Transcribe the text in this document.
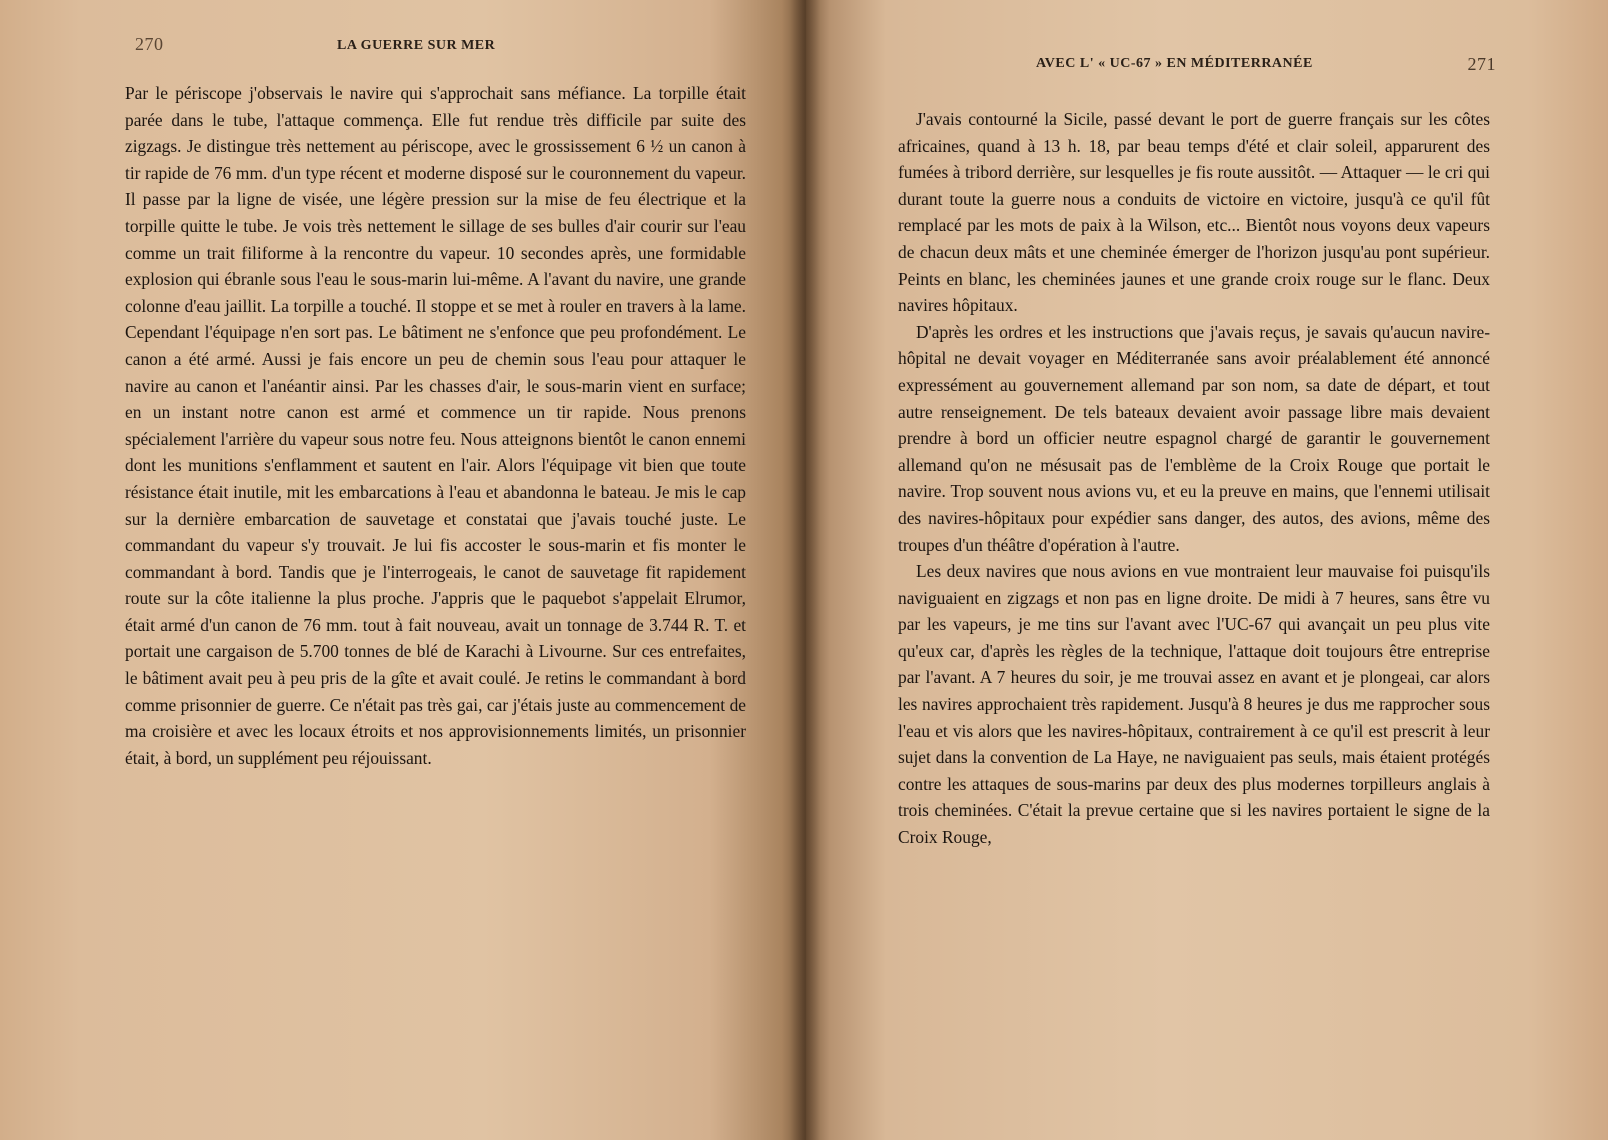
270	LA GUERRE SUR MER

Par le périscope j'observais le navire qui s'approchait sans méfiance. La torpille était parée dans le tube, l'attaque commença. Elle fut rendue très difficile par suite des zigzags. Je distingue très nettement au périscope, avec le grossissement 6 ½ un canon à tir rapide de 76 mm. d'un type récent et moderne disposé sur le couronnement du vapeur. Il passe par la ligne de visée, une légère pression sur la mise de feu électrique et la torpille quitte le tube. Je vois très nettement le sillage de ses bulles d'air courir sur l'eau comme un trait filiforme à la rencontre du vapeur. 10 secondes après, une formidable explosion qui ébranle sous l'eau le sous-marin lui-même. A l'avant du navire, une grande colonne d'eau jaillit. La torpille a touché. Il stoppe et se met à rouler en travers à la lame. Cependant l'équipage n'en sort pas. Le bâtiment ne s'enfonce que peu profondément. Le canon a été armé. Aussi je fais encore un peu de chemin sous l'eau pour attaquer le navire au canon et l'anéantir ainsi. Par les chasses d'air, le sous-marin vient en surface; en un instant notre canon est armé et commence un tir rapide. Nous prenons spécialement l'arrière du vapeur sous notre feu. Nous atteignons bientôt le canon ennemi dont les munitions s'enflamment et sautent en l'air. Alors l'équipage vit bien que toute résistance était inutile, mit les embarcations à l'eau et abandonna le bateau. Je mis le cap sur la dernière embarcation de sauvetage et constatai que j'avais touché juste. Le commandant du vapeur s'y trouvait. Je lui fis accoster le sous-marin et fis monter le commandant à bord. Tandis que je l'interrogeais, le canot de sauvetage fit rapidement route sur la côte italienne la plus proche. J'appris que le paquebot s'appelait Elrumor, était armé d'un canon de 76 mm. tout à fait nouveau, avait un tonnage de 3.744 R. T. et portait une cargaison de 5.700 tonnes de blé de Karachi à Livourne. Sur ces entrefaites, le bâtiment avait peu à peu pris de la gîte et avait coulé. Je retins le commandant à bord comme prisonnier de guerre. Ce n'était pas très gai, car j'étais juste au commencement de ma croisière et avec les locaux étroits et nos approvisionnements limités, un prisonnier était, à bord, un supplément peu réjouissant.

AVEC L' « UC-67 » EN MÉDITERRANÉE	271

J'avais contourné la Sicile, passé devant le port de guerre français sur les côtes africaines, quand à 13 h. 18, par beau temps d'été et clair soleil, apparurent des fumées à tribord derrière, sur lesquelles je fis route aussitôt. — Attaquer — le cri qui durant toute la guerre nous a conduits de victoire en victoire, jusqu'à ce qu'il fût remplacé par les mots de paix à la Wilson, etc... Bientôt nous voyons deux vapeurs de chacun deux mâts et une cheminée émerger de l'horizon jusqu'au pont supérieur. Peints en blanc, les cheminées jaunes et une grande croix rouge sur le flanc. Deux navires hôpitaux.

D'après les ordres et les instructions que j'avais reçus, je savais qu'aucun navire-hôpital ne devait voyager en Méditerranée sans avoir préalablement été annoncé expressément au gouvernement allemand par son nom, sa date de départ, et tout autre renseignement. De tels bateaux devaient avoir passage libre mais devaient prendre à bord un officier neutre espagnol chargé de garantir le gouvernement allemand qu'on ne mésusait pas de l'emblème de la Croix Rouge que portait le navire. Trop souvent nous avions vu, et eu la preuve en mains, que l'ennemi utilisait des navires-hôpitaux pour expédier sans danger, des autos, des avions, même des troupes d'un théâtre d'opération à l'autre.

Les deux navires que nous avions en vue montraient leur mauvaise foi puisqu'ils naviguaient en zigzags et non pas en ligne droite. De midi à 7 heures, sans être vu par les vapeurs, je me tins sur l'avant avec l'UC-67 qui avançait un peu plus vite qu'eux car, d'après les règles de la technique, l'attaque doit toujours être entreprise par l'avant. A 7 heures du soir, je me trouvai assez en avant et je plongeai, car alors les navires approchaient très rapidement. Jusqu'à 8 heures je dus me rapprocher sous l'eau et vis alors que les navires-hôpitaux, contrairement à ce qu'il est prescrit à leur sujet dans la convention de La Haye, ne naviguaient pas seuls, mais étaient protégés contre les attaques de sous-marins par deux des plus modernes torpilleurs anglais à trois cheminées. C'était la prevue certaine que si les navires portaient le signe de la Croix Rouge,
